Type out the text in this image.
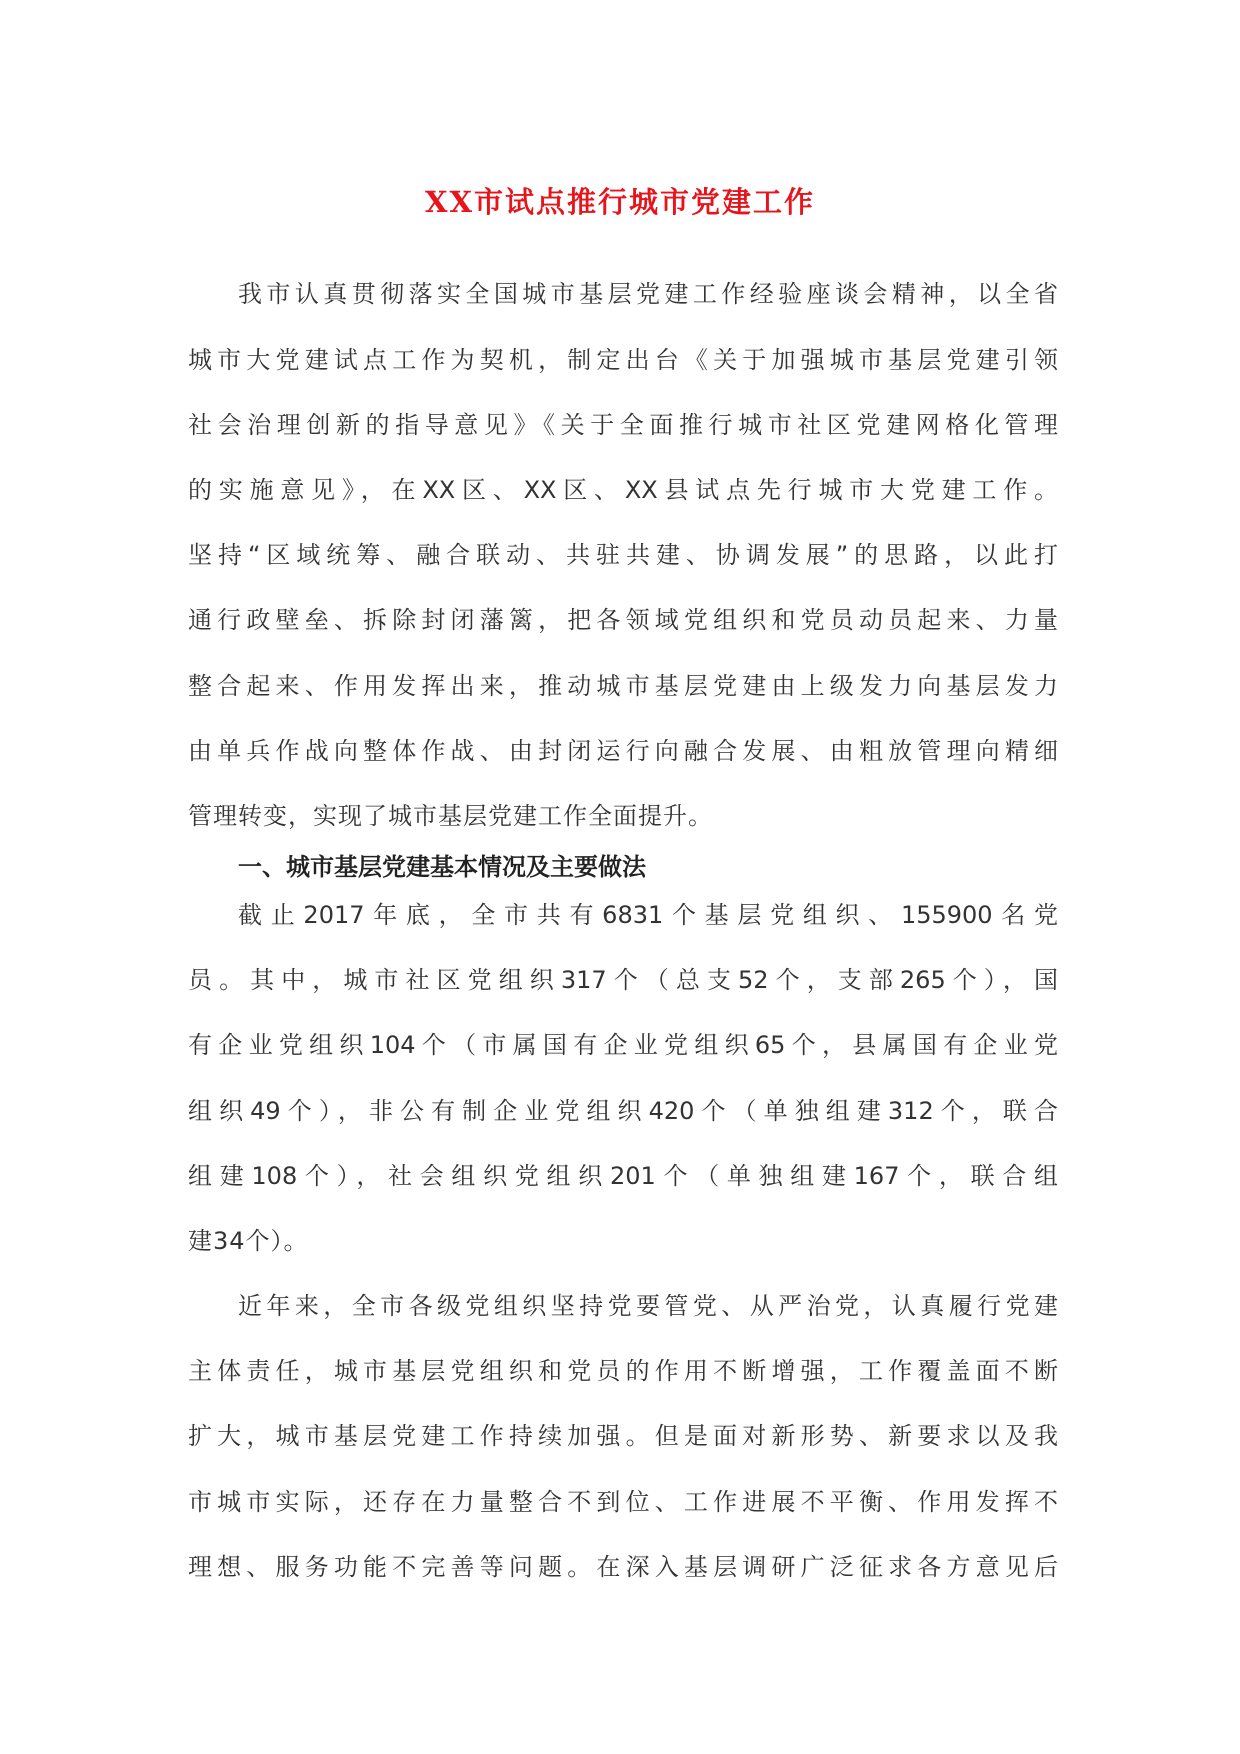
XX市试点推行城市党建工作
我市认真贯彻落实全国城市基层党建工作经验座谈会精神，以全省
城市大党建试点工作为契机，制定出台《关于加强城市基层党建引领
社会治理创新的指导意见》《关于全面推行城市社区党建网格化管理
的实施意见》，在XX区、XX区、XX县试点先行城市大党建工作。
坚持“区域统筹、融合联动、共驻共建、协调发展”的思路，以此打
通行政壁垒、拆除封闭藩篱，把各领域党组织和党员动员起来、力量
整合起来、作用发挥出来，推动城市基层党建由上级发力向基层发力
由单兵作战向整体作战、由封闭运行向融合发展、由粗放管理向精细
管理转变，实现了城市基层党建工作全面提升。
一、城市基层党建基本情况及主要做法
截止2017年底，全市共有6831个基层党组织、155900名党
员。其中，城市社区党组织317个（总支52个，支部265个），国
有企业党组织104个（市属国有企业党组织65个，县属国有企业党
组织49个），非公有制企业党组织420个（单独组建312个，联合
组建108个），社会组织党组织201个（单独组建167个，联合组
建34个）。
近年来，全市各级党组织坚持党要管党、从严治党，认真履行党建
主体责任，城市基层党组织和党员的作用不断增强，工作覆盖面不断
扩大，城市基层党建工作持续加强。但是面对新形势、新要求以及我
市城市实际，还存在力量整合不到位、工作进展不平衡、作用发挥不
理想、服务功能不完善等问题。在深入基层调研广泛征求各方意见后
